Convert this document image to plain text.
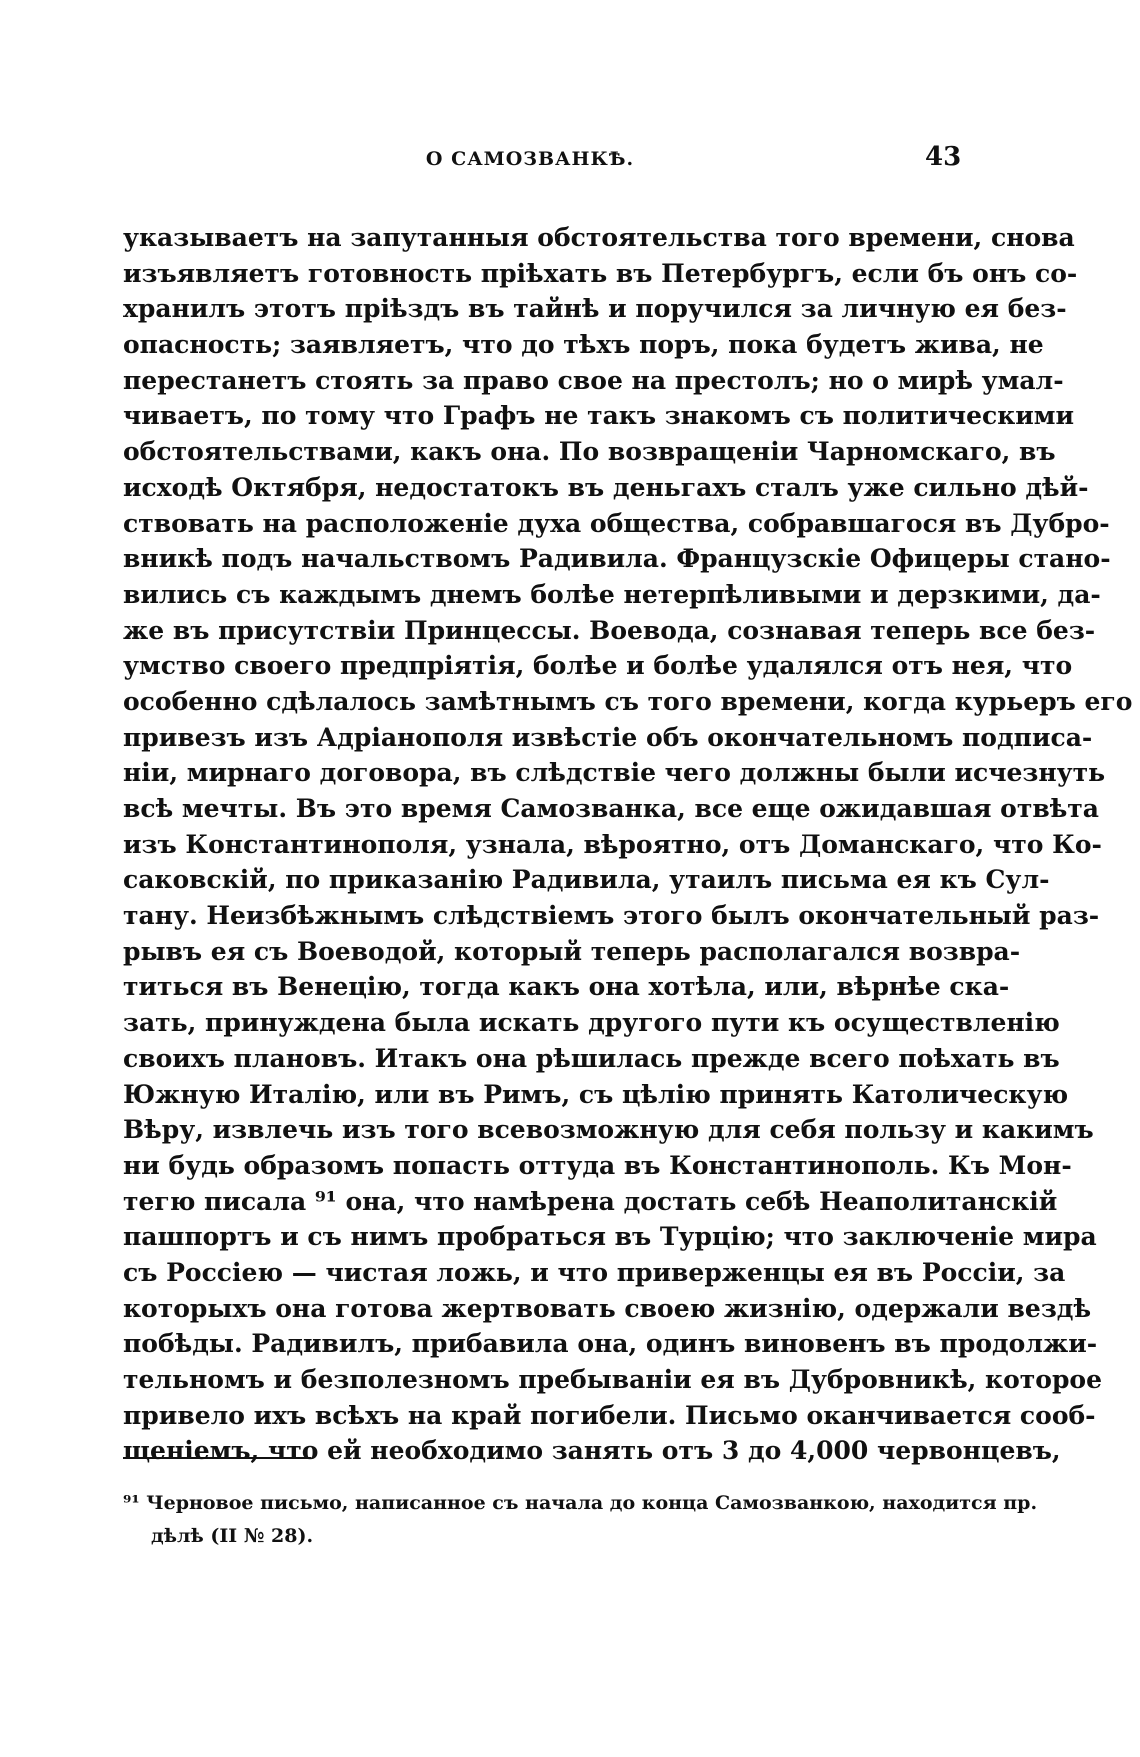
О САМОЗВАНКѢ.	43
указываетъ на запутанныя обстоятельства того времени, снова
изъявляетъ готовность пріѣхать въ Петербургъ, если бъ онъ со-
хранилъ этотъ пріѣздъ въ тайнѣ и поручился за личную ея без-
опасность; заявляетъ, что до тѣхъ поръ, пока будетъ жива, не
перестанетъ стоять за право свое на престолъ; но о мирѣ умал-
чиваетъ, по тому что Графъ не такъ знакомъ съ политическими
обстоятельствами, какъ она. По возвращеніи Чарномскаго, въ
исходѣ Октября, недостатокъ въ деньгахъ сталъ уже сильно дѣй-
ствовать на расположеніе духа общества, собравшагося въ Дубро-
вникѣ подъ начальствомъ Радивила. Французскіе Офицеры стано-
вились съ каждымъ днемъ болѣе нетерпѣливыми и дерзкими, да-
же въ присутствіи Принцессы. Воевода, сознавая теперь все без-
умство своего предпріятія, болѣе и болѣе удалялся отъ нея, что
особенно сдѣлалось замѣтнымъ съ того времени, когда курьеръ его
привезъ изъ Адріанополя извѣстіе объ окончательномъ подписа-
ніи, мирнаго договора, въ слѣдствіе чего должны были исчезнуть
всѣ мечты. Въ это время Самозванка, все еще ожидавшая отвѣта
изъ Константинополя, узнала, вѣроятно, отъ Доманскаго, что Ко-
саковскій, по приказанію Радивила, утаилъ письма ея къ Сул-
тану. Неизбѣжнымъ слѣдствіемъ этого былъ окончательный раз-
рывъ ея съ Воеводой, который теперь располагался возвра-
титься въ Венецію, тогда какъ она хотѣла, или, вѣрнѣе ска-
зать, принуждена была искать другого пути къ осуществленію
своихъ плановъ. Итакъ она рѣшилась прежде всего поѣхать въ
Южную Италію, или въ Римъ, съ цѣлію принять Католическую
Вѣру, извлечь изъ того всевозможную для себя пользу и какимъ
ни будь образомъ попасть оттуда въ Константинополь. Къ Мон-
тегю писала ⁹¹ она, что намѣрена достать себѣ Неаполитанскій
пашпортъ и съ нимъ пробраться въ Турцію; что заключеніе мира
съ Россіею — чистая ложь, и что приверженцы ея въ Россіи, за
которыхъ она готова жертвовать своею жизнію, одержали вездѣ
побѣды. Радивилъ, прибавила она, одинъ виновенъ въ продолжи-
тельномъ и безполезномъ пребываніи ея въ Дубровникѣ, которое
привело ихъ всѣхъ на край погибели. Письмо оканчивается сооб-
щеніемъ, что ей необходимо занять отъ 3 до 4,000 червонцевъ,
⁹¹ Черновое письмо, написанное съ начала до конца Самозванкою, находится пр.
дѣлѣ (II № 28).
